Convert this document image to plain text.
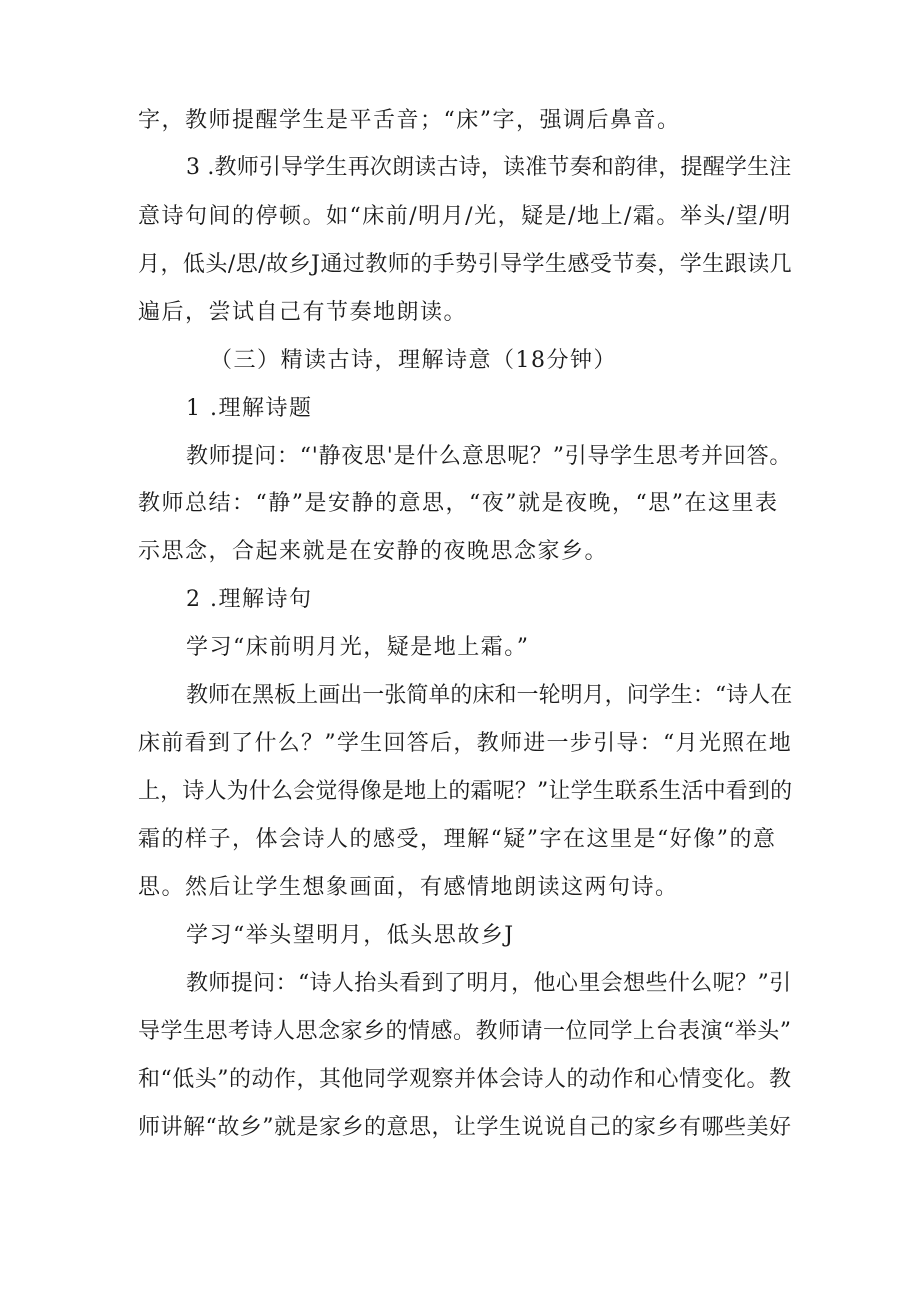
字，教师提醒学生是平舌音；“床”字，强调后鼻音。
3 .教师引导学生再次朗读古诗，读准节奏和韵律，提醒学生注
意诗句间的停顿。如“床前/明月/光，疑是/地上/霜。举头/望/明
月，低头/思/故乡J通过教师的手势引导学生感受节奏，学生跟读几
遍后，尝试自己有节奏地朗读。
（三）精读古诗，理解诗意（18分钟）
1 .理解诗题
教师提问：“'静夜思'是什么意思呢？”引导学生思考并回答。
教师总结：“静”是安静的意思，“夜”就是夜晚，“思”在这里表
示思念，合起来就是在安静的夜晚思念家乡。
2 .理解诗句
学习“床前明月光，疑是地上霜。”
教师在黑板上画出一张简单的床和一轮明月，问学生：“诗人在
床前看到了什么？”学生回答后，教师进一步引导：“月光照在地
上，诗人为什么会觉得像是地上的霜呢？”让学生联系生活中看到的
霜的样子，体会诗人的感受，理解“疑”字在这里是“好像”的意
思。然后让学生想象画面，有感情地朗读这两句诗。
学习“举头望明月，低头思故乡J
教师提问：“诗人抬头看到了明月，他心里会想些什么呢？”引
导学生思考诗人思念家乡的情感。教师请一位同学上台表演“举头”
和“低头”的动作，其他同学观察并体会诗人的动作和心情变化。教
师讲解“故乡”就是家乡的意思，让学生说说自己的家乡有哪些美好
